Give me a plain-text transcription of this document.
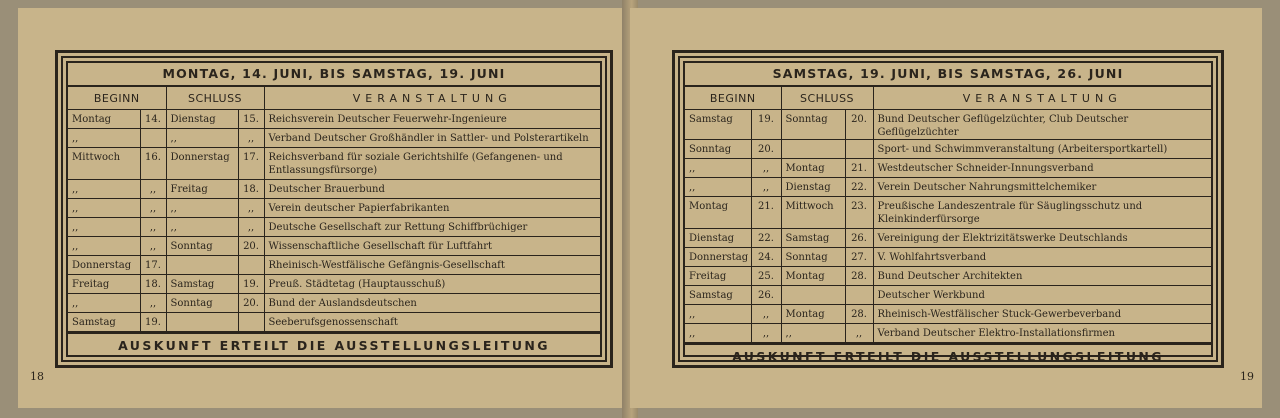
MONTAG, 14. JUNI, BIS SAMSTAG, 19. JUNI
BEGINN		SCHLUSS		VERANSTALTUNG
Montag	14.	Dienstag	15.	Reichsverein Deutscher Feuerwehr-Ingenieure
,,		,,	,,	Verband Deutscher Großhändler in Sattler- und Polsterartikeln
Mittwoch	16.	Donnerstag	17.	Reichsverband für soziale Gerichtshilfe (Gefangenen- und Entlassungsfürsorge)
,,	,,	Freitag	18.	Deutscher Brauerbund
,,	,,	,,	,,	Verein deutscher Papierfabrikanten
,,	,,	,,	,,	Deutsche Gesellschaft zur Rettung Schiffbrüchiger
,,	,,	Sonntag	20.	Wissenschaftliche Gesellschaft für Luftfahrt
Donnerstag	17.			Rheinisch-Westfälische Gefängnis-Gesellschaft
Freitag	18.	Samstag	19.	Preuß. Städtetag (Hauptausschuß)
,,	,,	Sonntag	20.	Bund der Auslandsdeutschen
Samstag	19.			Seeberufsgenossenschaft
AUSKUNFT ERTEILT DIE AUSSTELLUNGSLEITUNG
18
SAMSTAG, 19. JUNI, BIS SAMSTAG, 26. JUNI
BEGINN		SCHLUSS		VERANSTALTUNG
Samstag	19.	Sonntag	20.	Bund Deutscher Geflügelzüchter, Club Deutscher Geflügelzüchter
Sonntag	20.			Sport- und Schwimmveranstaltung (Arbeitersportkartell)
,,	,,	Montag	21.	Westdeutscher Schneider-Innungsverband
,,	,,	Dienstag	22.	Verein Deutscher Nahrungsmittelchemiker
Montag	21.	Mittwoch	23.	Preußische Landeszentrale für Säuglingsschutz und Kleinkinderfürsorge
Dienstag	22.	Samstag	26.	Vereinigung der Elektrizitätswerke Deutschlands
Donnerstag	24.	Sonntag	27.	V. Wohlfahrtsverband
Freitag	25.	Montag	28.	Bund Deutscher Architekten
Samstag	26.			Deutscher Werkbund
,,	,,	Montag	28.	Rheinisch-Westfälischer Stuck-Gewerbeverband
,,	,,	,,	,,	Verband Deutscher Elektro-Installationsfirmen
AUSKUNFT ERTEILT DIE AUSSTELLUNGSLEITUNG
19
